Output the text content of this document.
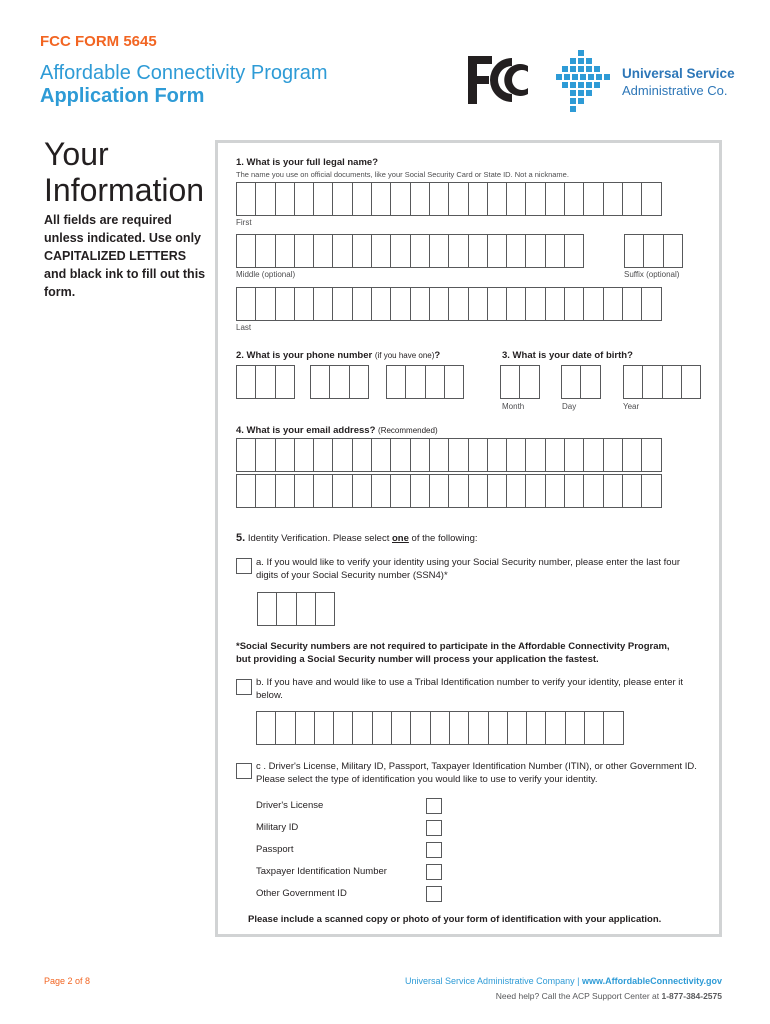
FCC FORM 5645
Affordable Connectivity Program
Application Form
Universal Service
Administrative Co.
Your
Information
All fields are required unless indicated. Use only CAPITALIZED LETTERS and black ink to fill out this form.
1. What is your full legal name?
The name you use on official documents, like your Social Security Card or State ID. Not a nickname.
First
Middle (optional)	Suffix (optional)
Last
2. What is your phone number (if you have one)?	3. What is your date of birth?
Month	Day	Year
4. What is your email address? (Recommended)
5. Identity Verification. Please select one of the following:
a. If you would like to verify your identity using your Social Security number, please enter the last four digits of your Social Security number (SSN4)*
*Social Security numbers are not required to participate in the Affordable Connectivity Program, but providing a Social Security number will process your application the fastest.
b. If you have and would like to use a Tribal Identification number to verify your identity, please enter it below.
c . Driver's License, Military ID, Passport, Taxpayer Identification Number (ITIN), or other Government ID. Please select the type of identification you would like to use to verify your identity.
Driver's License
Military ID
Passport
Taxpayer Identification Number
Other Government ID
Please include a scanned copy or photo of your form of identification with your application.
Page 2 of 8	Universal Service Administrative Company | www.AffordableConnectivity.gov
Need help? Call the ACP Support Center at 1-877-384-2575
